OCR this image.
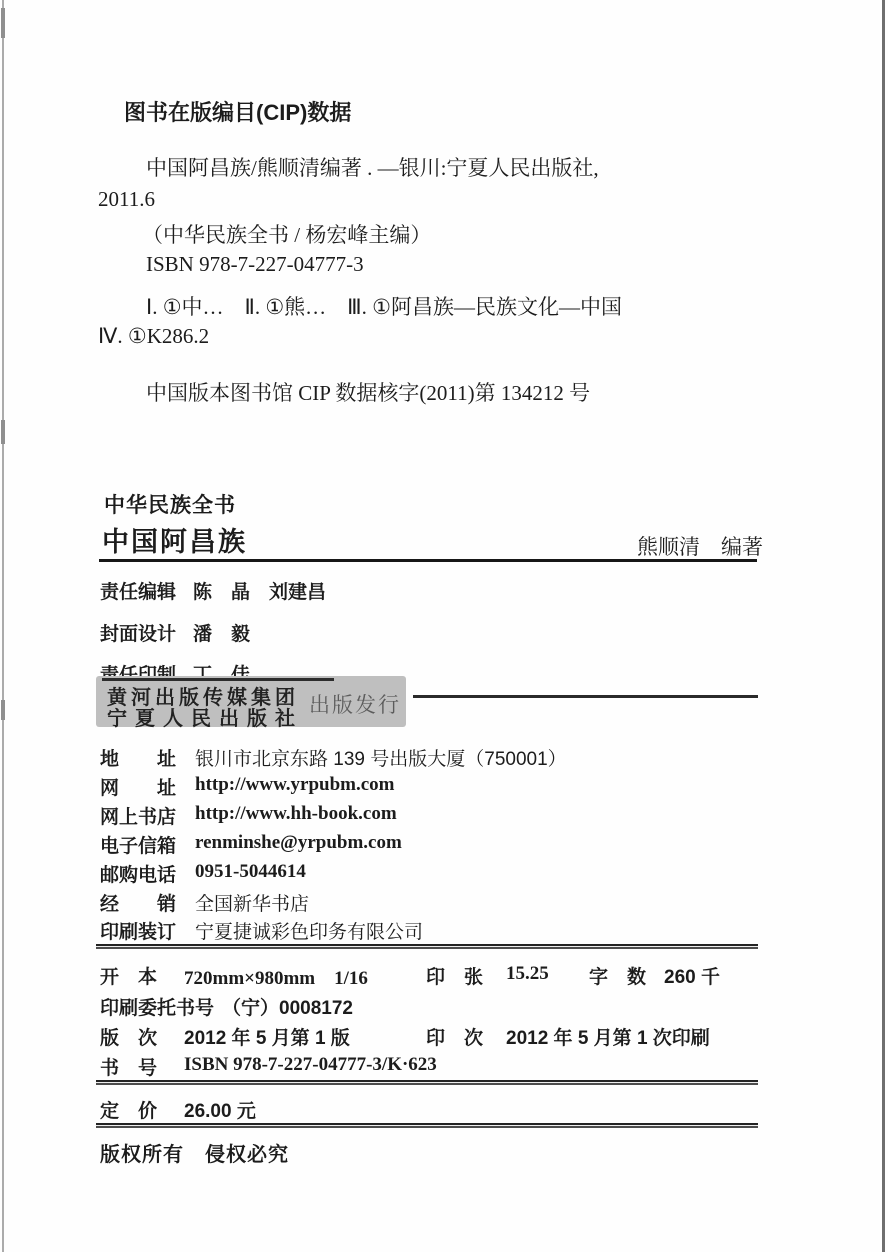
图书在版编目(CIP)数据
中国阿昌族/熊顺清编著 . —银川:宁夏人民出版社,
2011.6
（中华民族全书 / 杨宏峰主编）
ISBN 978-7-227-04777-3
Ⅰ. ①中…　Ⅱ. ①熊…　Ⅲ. ①阿昌族—民族文化—中国
Ⅳ. ①K286.2
中国版本图书馆 CIP 数据核字(2011)第 134212 号
中华民族全书
中国阿昌族	熊顺清　编著
责任编辑 陈　晶　刘建昌
封面设计 潘　毅
黄河出版传媒集团
宁夏人民出版社
出版发行
地　　址 银川市北京东路 139 号出版大厦（750001）
网　　址 http://www.yrpubm.com
网上书店 http://www.hh-book.com
电子信箱 renminshe@yrpubm.com
邮购电话 0951-5044614
经　　销 全国新华书店
印刷装订 宁夏捷诚彩色印务有限公司
开　本 720mm×980mm　1/16	印　张 15.25 字　数 260 千
印刷委托书号 （宁）0008172
版　次 2012 年 5 月第 1 版	印　次 2012 年 5 月第 1 次印刷
书　号 ISBN 978-7-227-04777-3/K·623
定　价 26.00 元
版权所有　侵权必究
